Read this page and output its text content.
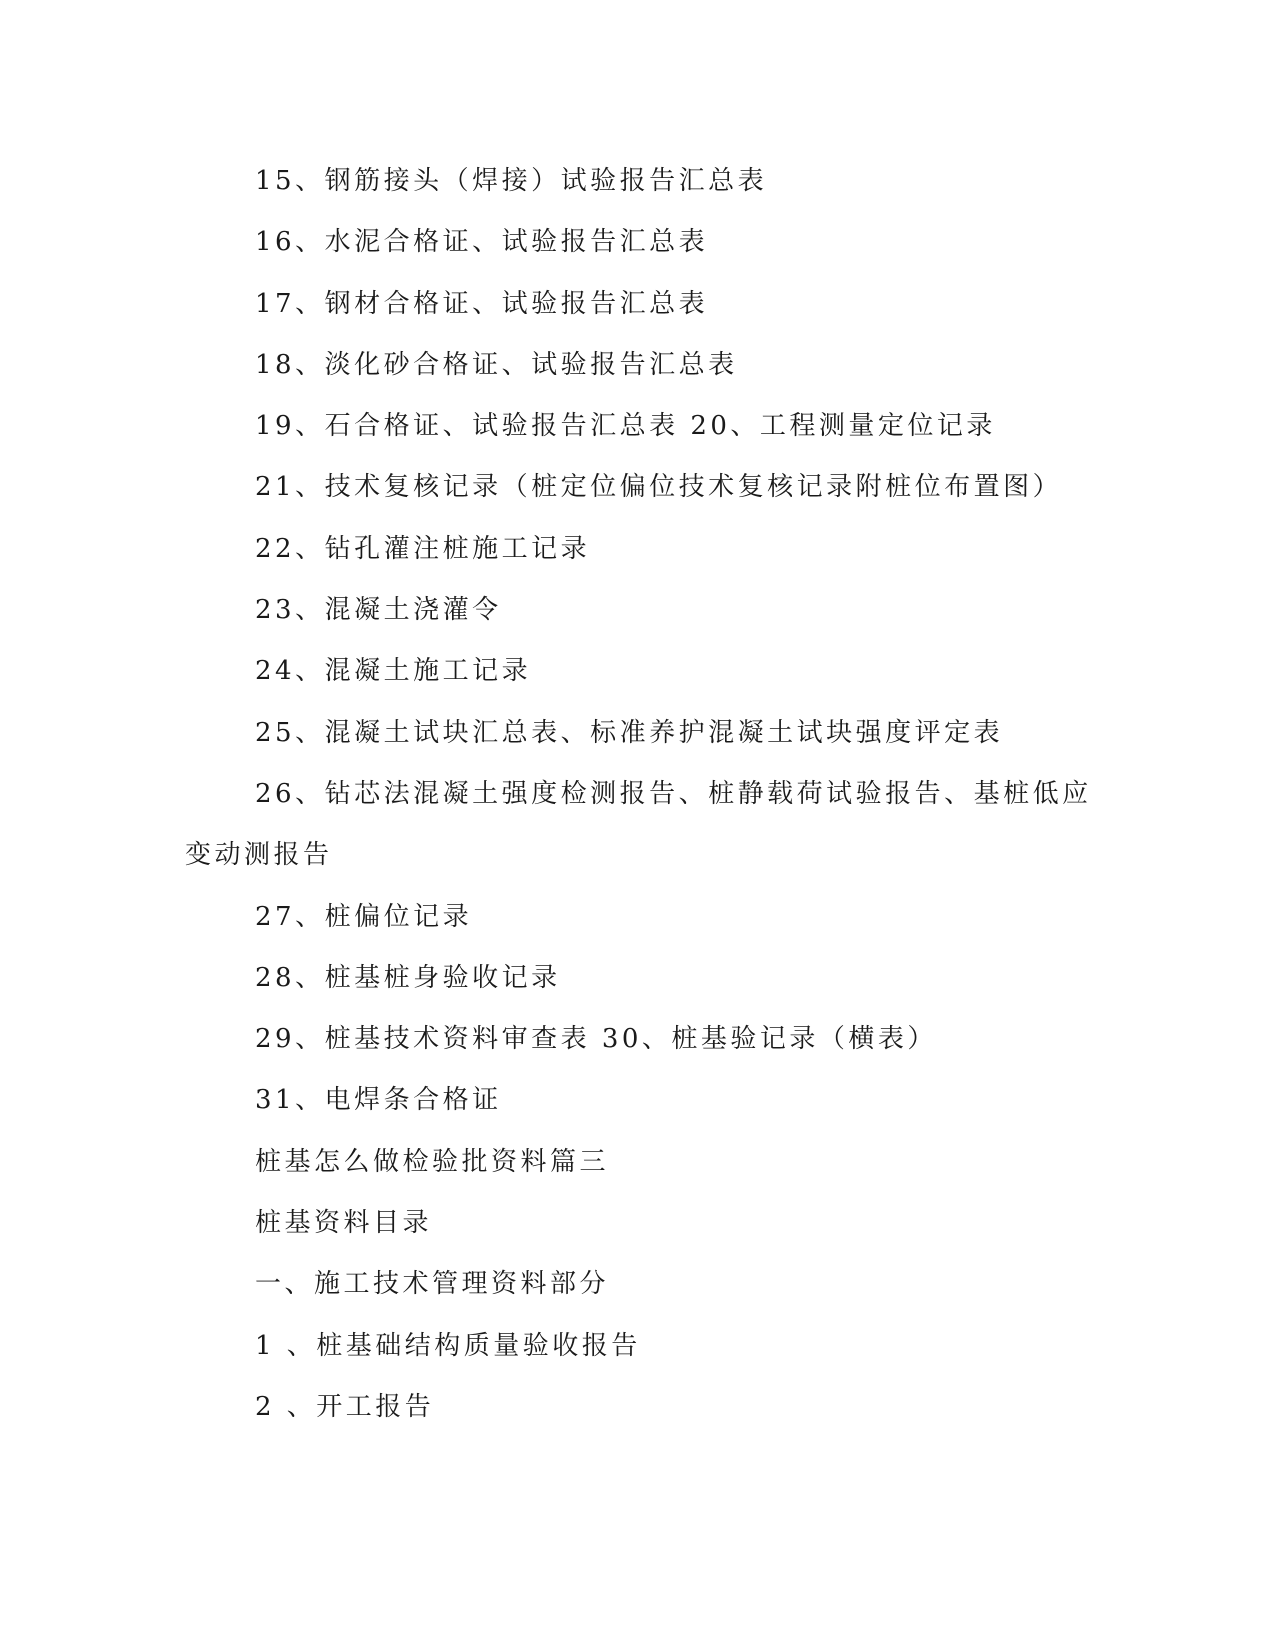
15、钢筋接头（焊接）试验报告汇总表
16、水泥合格证、试验报告汇总表
17、钢材合格证、试验报告汇总表
18、淡化砂合格证、试验报告汇总表
19、石合格证、试验报告汇总表 20、工程测量定位记录
21、技术复核记录（桩定位偏位技术复核记录附桩位布置图）
22、钻孔灌注桩施工记录
23、混凝土浇灌令
24、混凝土施工记录
25、混凝土试块汇总表、标准养护混凝土试块强度评定表
26、钻芯法混凝土强度检测报告、桩静载荷试验报告、基桩低应
变动测报告
27、桩偏位记录
28、桩基桩身验收记录
29、桩基技术资料审查表 30、桩基验记录（横表）
31、电焊条合格证
桩基怎么做检验批资料篇三
桩基资料目录
一、施工技术管理资料部分
1 、桩基础结构质量验收报告
2 、开工报告
